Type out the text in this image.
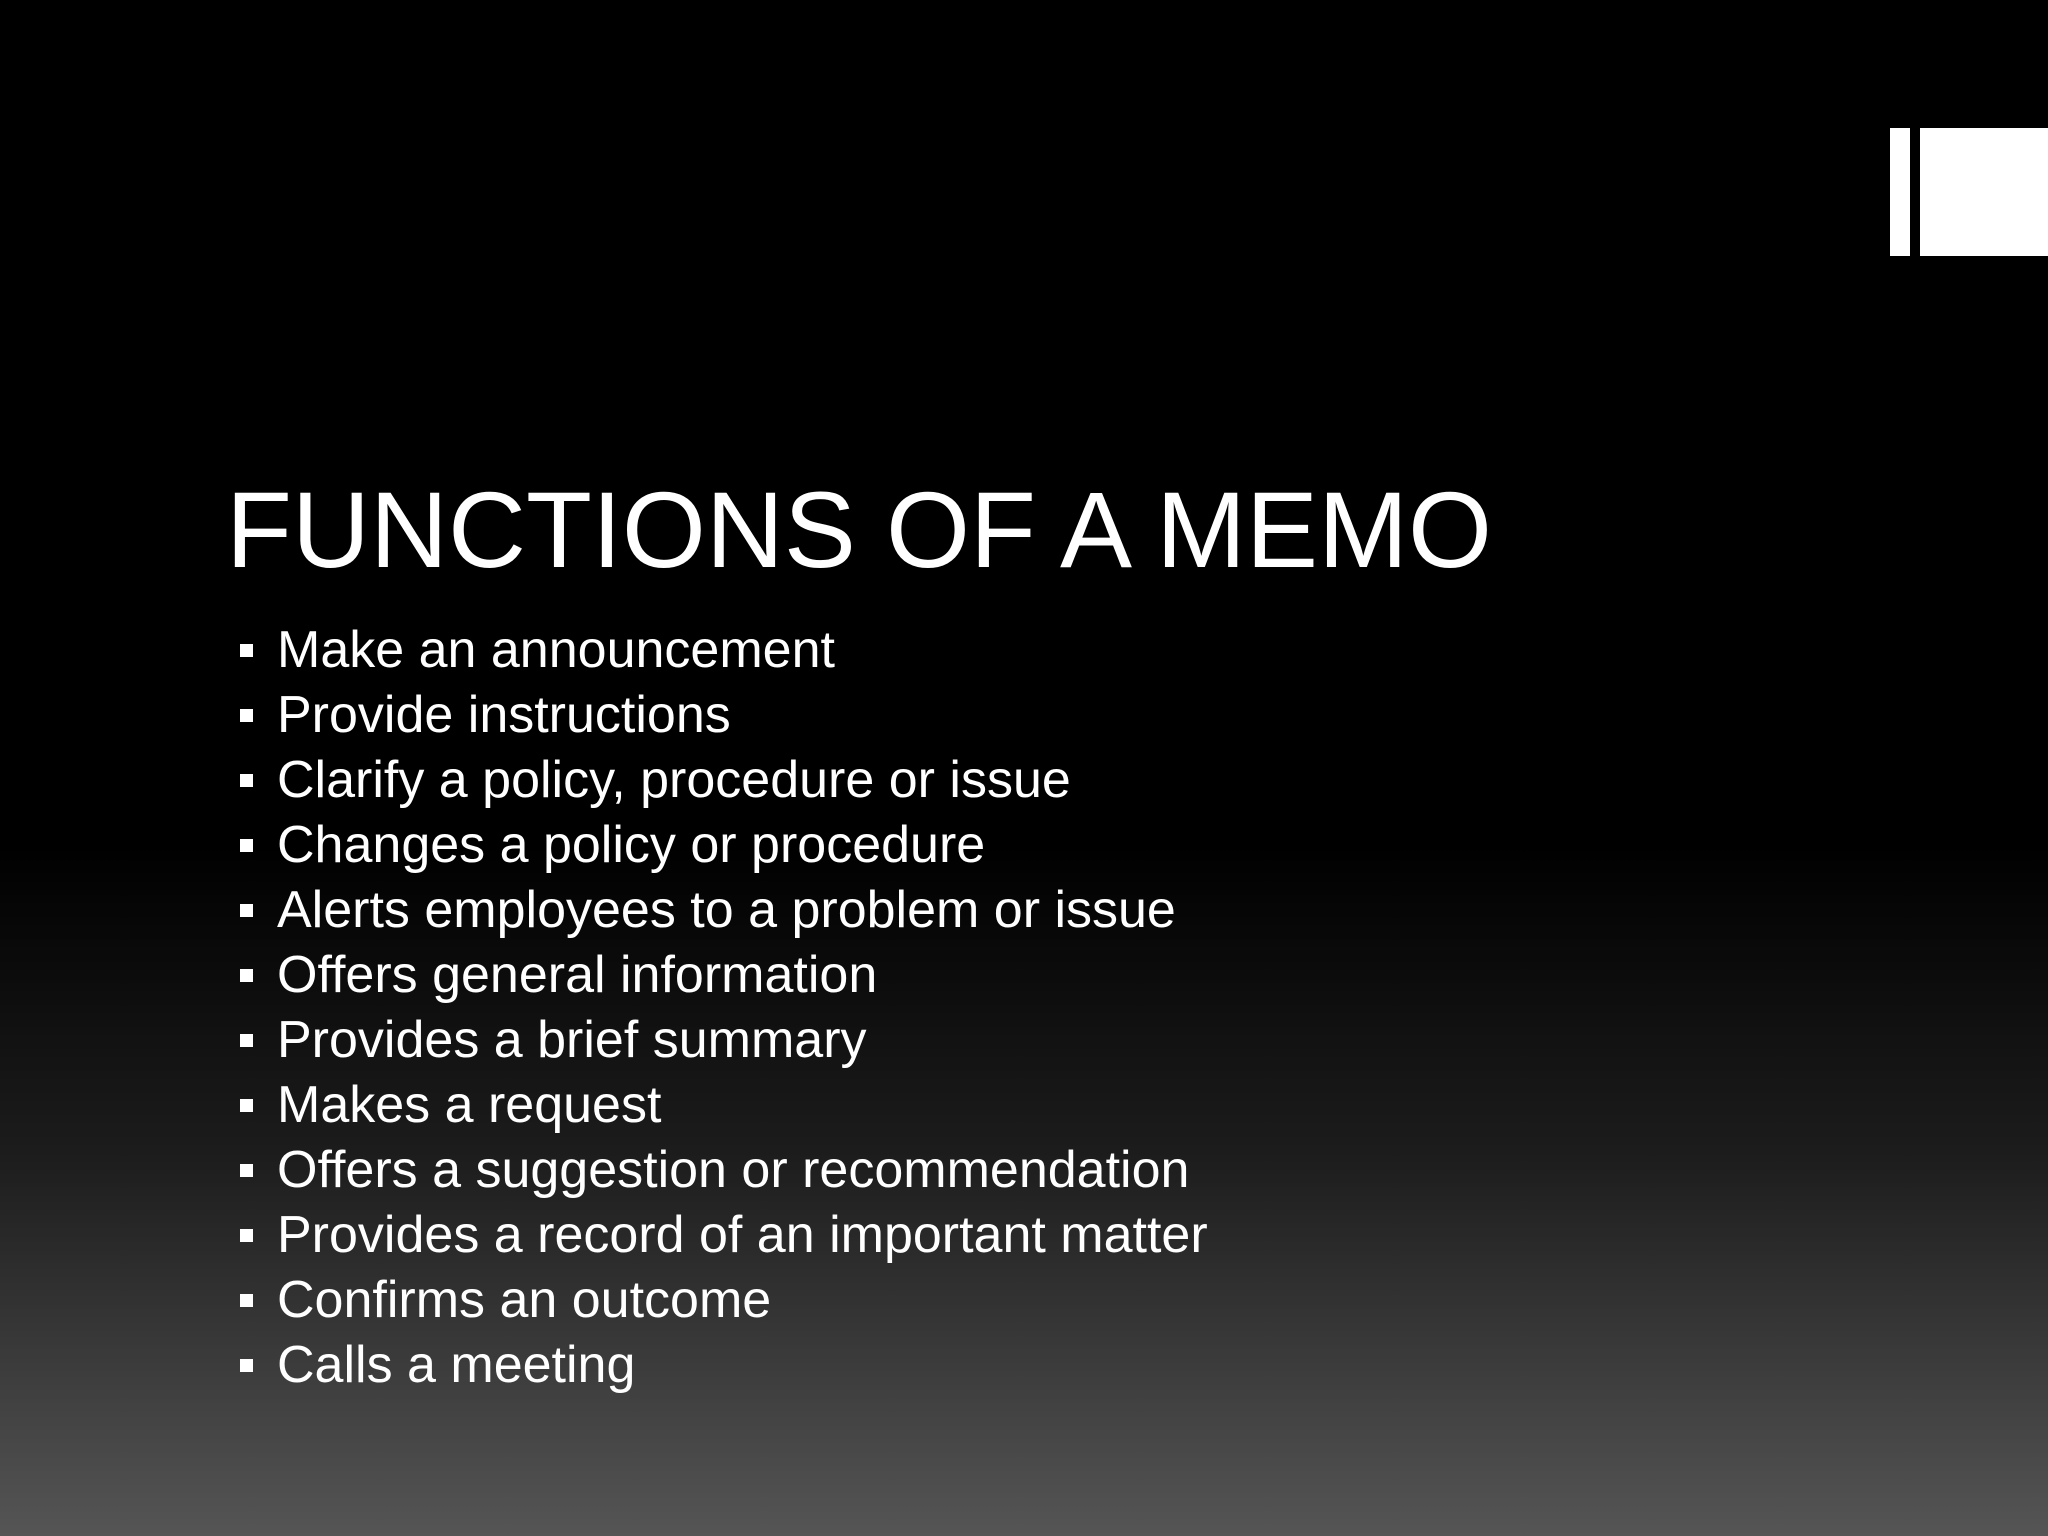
FUNCTIONS OF A MEMO
Make an announcement
Provide instructions
Clarify a policy, procedure or issue
Changes a policy or procedure
Alerts employees to a problem or issue
Offers general information
Provides a brief summary
Makes a request
Offers a suggestion or recommendation
Provides a record of an important matter
Confirms an outcome
Calls a meeting
